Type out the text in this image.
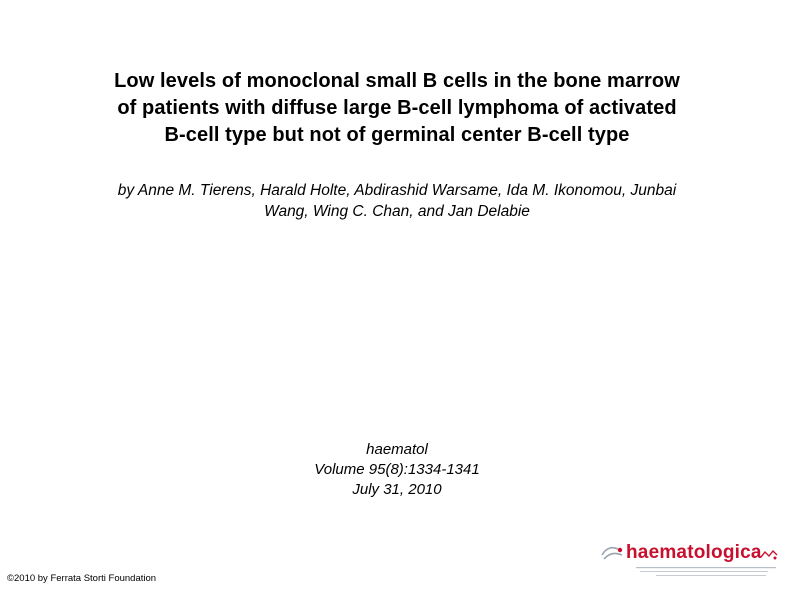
Low levels of monoclonal small B cells in the bone marrow
of patients with diffuse large B-cell lymphoma of activated
B-cell type but not of germinal center B-cell type
by Anne M. Tierens, Harald Holte, Abdirashid Warsame, Ida M. Ikonomou, Junbai
Wang, Wing C. Chan, and Jan Delabie
haematol
Volume 95(8):1334-1341
July 31, 2010
©2010 by Ferrata Storti Foundation
haematologica
